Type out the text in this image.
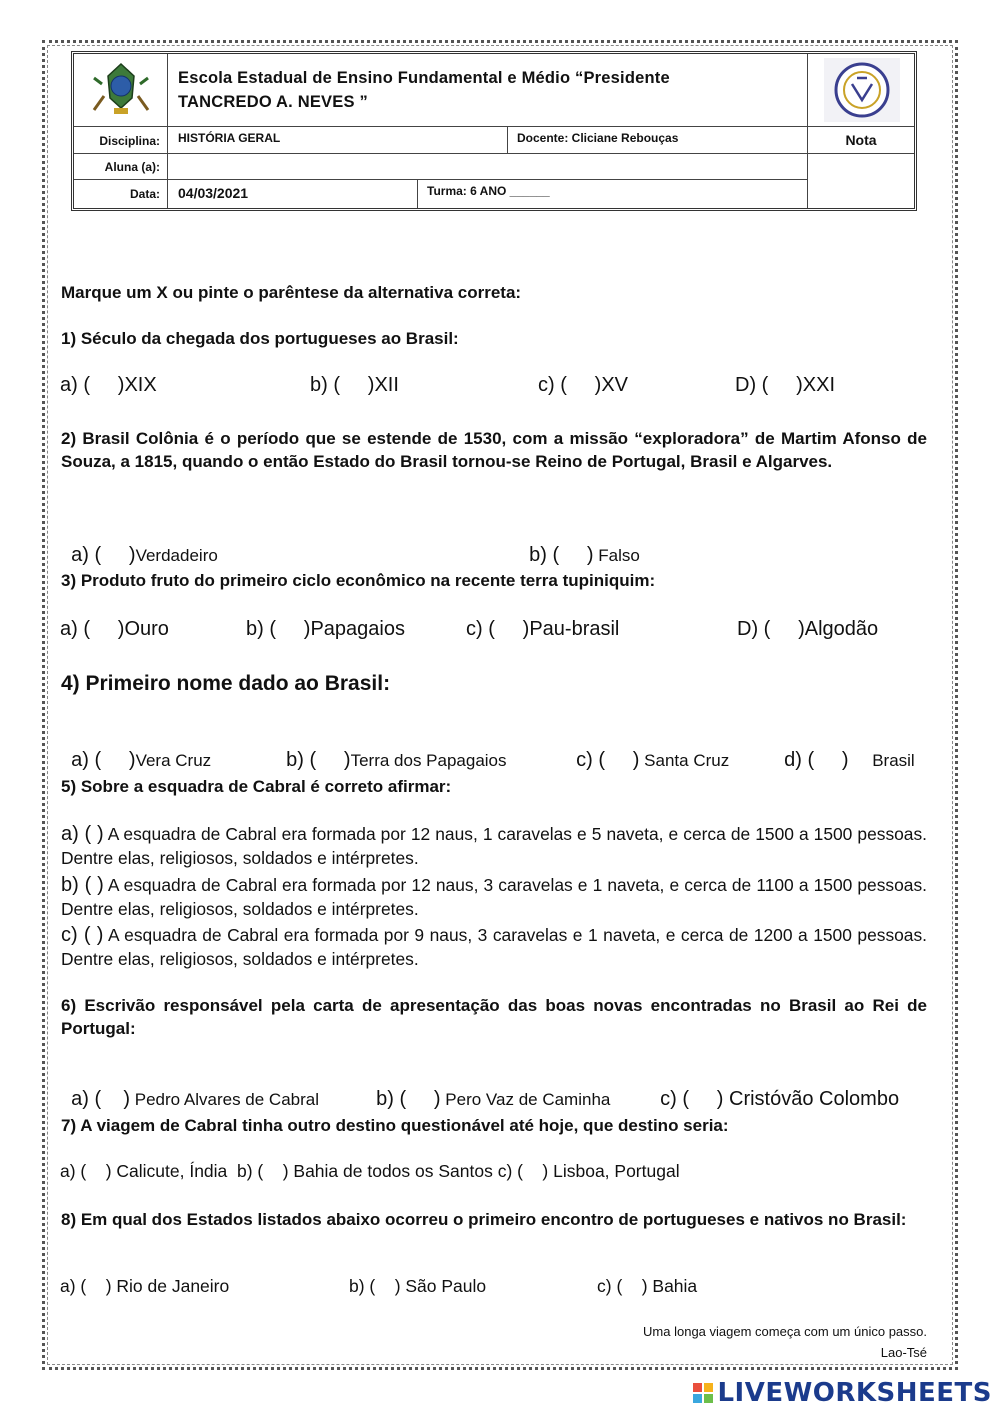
Escola Estadual de Ensino Fundamental e Médio “Presidente
TANCREDO A. NEVES ”
Disciplina: HISTÓRIA GERAL	Docente: Cliciane Rebouças	Nota
Aluna (a):
Data: 04/03/2021	Turma: 6 ANO ______
Marque um X ou pinte o parêntese da alternativa correta:
1) Século da chegada dos portugueses ao Brasil:
a) (     )XIX	b) (     )XII	c) (     )XV	D) (     )XXI
2) Brasil Colônia é o período que se estende de 1530, com a missão “exploradora” de Martim Afonso de Souza, a 1815, quando o então Estado do Brasil tornou-se Reino de Portugal, Brasil e Algarves.

a) (     )Verdadeiro	b) (     ) Falso

3) Produto fruto do primeiro ciclo econômico na recente terra tupiniquim:
a) (     )Ouro	b) (     )Papagaios	c) (     )Pau-brasil	D) (     )Algodão
4) Primeiro nome dado ao Brasil:

a) (     )Vera Cruz	b) (     )Terra dos Papagaios	c) (     ) Santa Cruz	d) (     )     Brasil

5) Sobre a esquadra de Cabral é correto afirmar:
a) ( ) A esquadra de Cabral era formada por 12 naus, 1 caravelas e 5 naveta, e cerca de 1500 a 1500 pessoas. Dentre elas, religiosos, soldados e intérpretes.
b) ( ) A esquadra de Cabral era formada por 12 naus, 3 caravelas e 1 naveta, e cerca de 1100 a 1500 pessoas. Dentre elas, religiosos, soldados e intérpretes.
c) ( ) A esquadra de Cabral era formada por 9 naus, 3 caravelas e 1 naveta, e cerca de 1200 a 1500 pessoas. Dentre elas, religiosos, soldados e intérpretes.
6) Escrivão responsável pela carta de apresentação das boas novas encontradas no Brasil ao Rei de Portugal:

a) (    ) Pedro Alvares de Cabral	b) (     ) Pero Vaz de Caminha	c) (     ) Cristóvão Colombo

7) A viagem de Cabral tinha outro destino questionável até hoje, que destino seria:
a) (    ) Calicute, Índia  b) (    ) Bahia de todos os Santos c) (    ) Lisboa, Portugal
8) Em qual dos Estados listados abaixo ocorreu o primeiro encontro de portugueses e nativos no Brasil:
a) (    ) Rio de Janeiro	b) (    ) São Paulo	c) (    ) Bahia
Uma longa viagem começa com um único passo.
Lao-Tsé
LIVEWORKSHEETS
